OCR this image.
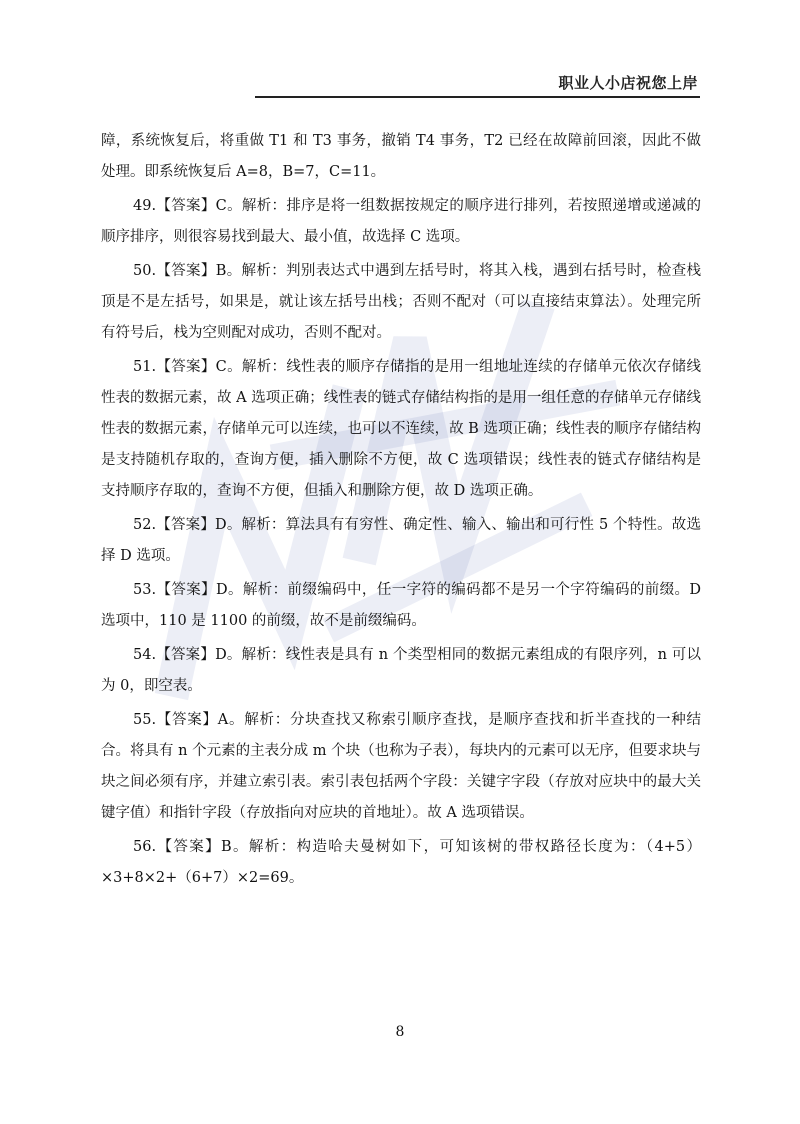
职业人小店祝您上岸

障，系统恢复后，将重做 T1 和 T3 事务，撤销 T4 事务，T2 已经在故障前回滚，因此不做处理。即系统恢复后 A=8，B=7，C=11。

49.【答案】C。解析：排序是将一组数据按规定的顺序进行排列，若按照递增或递减的顺序排序，则很容易找到最大、最小值，故选择 C 选项。

50.【答案】B。解析：判别表达式中遇到左括号时，将其入栈，遇到右括号时，检查栈顶是不是左括号，如果是，就让该左括号出栈；否则不配对（可以直接结束算法）。处理完所有符号后，栈为空则配对成功，否则不配对。

51.【答案】C。解析：线性表的顺序存储指的是用一组地址连续的存储单元依次存储线性表的数据元素，故 A 选项正确；线性表的链式存储结构指的是用一组任意的存储单元存储线性表的数据元素，存储单元可以连续，也可以不连续，故 B 选项正确；线性表的顺序存储结构是支持随机存取的，查询方便，插入删除不方便，故 C 选项错误；线性表的链式存储结构是支持顺序存取的，查询不方便，但插入和删除方便，故 D 选项正确。

52.【答案】D。解析：算法具有有穷性、确定性、输入、输出和可行性 5 个特性。故选择 D 选项。

53.【答案】D。解析：前缀编码中，任一字符的编码都不是另一个字符编码的前缀。D 选项中，110 是 1100 的前缀，故不是前缀编码。

54.【答案】D。解析：线性表是具有 n 个类型相同的数据元素组成的有限序列，n 可以为 0，即空表。

55.【答案】A。解析：分块查找又称索引顺序查找，是顺序查找和折半查找的一种结合。将具有 n 个元素的主表分成 m 个块（也称为子表），每块内的元素可以无序，但要求块与块之间必须有序，并建立索引表。索引表包括两个字段：关键字字段（存放对应块中的最大关键字值）和指针字段（存放指向对应块的首地址）。故 A 选项错误。

56.【答案】B。解析：构造哈夫曼树如下，可知该树的带权路径长度为：（4+5）×3+8×2+（6+7）×2=69。

8
